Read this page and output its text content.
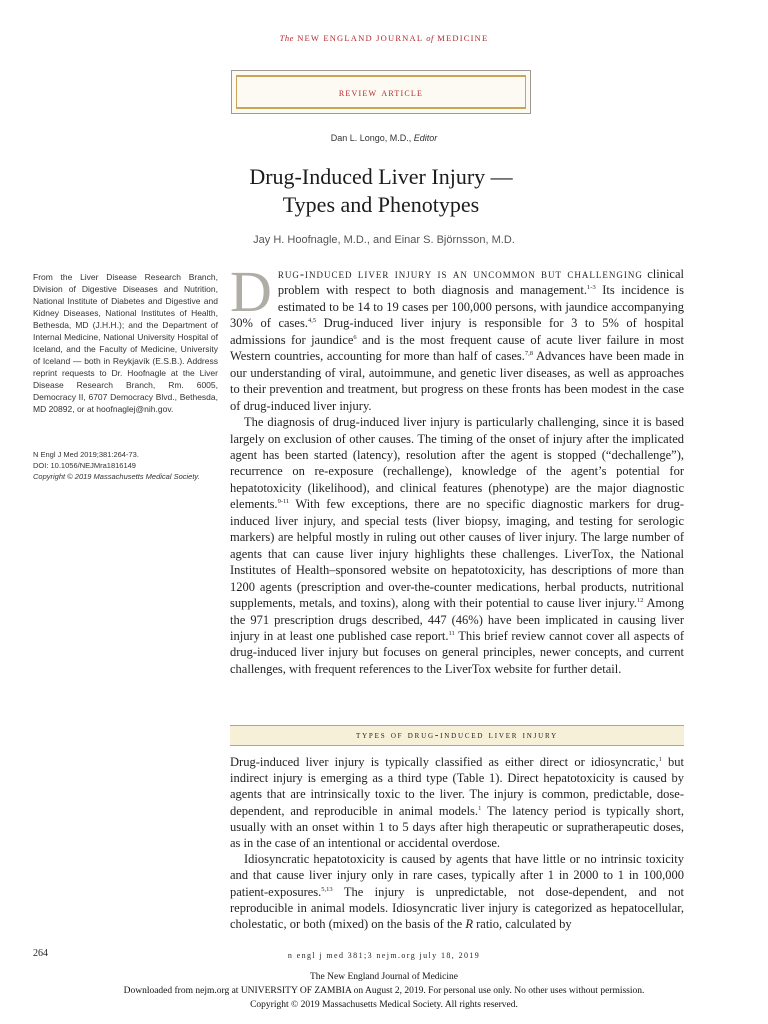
The NEW ENGLAND JOURNAL of MEDICINE
review article
Dan L. Longo, M.D., Editor
Drug-Induced Liver Injury — Types and Phenotypes
Jay H. Hoofnagle, M.D., and Einar S. Björnsson, M.D.
From the Liver Disease Research Branch, Division of Digestive Diseases and Nutrition, National Institute of Diabetes and Digestive and Kidney Diseases, National Institutes of Health, Bethesda, MD (J.H.H.); and the Department of Internal Medicine, National University Hospital of Iceland, and the Faculty of Medicine, University of Iceland — both in Reykjavík (E.S.B.). Address reprint requests to Dr. Hoofnagle at the Liver Disease Research Branch, Rm. 6005, Democracy II, 6707 Democracy Blvd., Bethesda, MD 20892, or at hoofnaglej@nih.gov.
N Engl J Med 2019;381:264-73.
DOI: 10.1056/NEJMra1816149
Copyright © 2019 Massachusetts Medical Society.

Drug-induced liver injury is an uncommon but challenging clinical problem with respect to both diagnosis and management.$^{1-3}$ Its incidence is estimated to be 14 to 19 cases per 100,000 persons, with jaundice accompanying 30% of cases.$^{4,5}$ Drug-induced liver injury is responsible for 3 to 5% of hospital admissions for jaundice$^6$ and is the most frequent cause of acute liver failure in most Western countries, accounting for more than half of cases.$^{7,8}$ Advances have been made in our understanding of viral, autoimmune, and genetic liver diseases, as well as approaches to their prevention and treatment, but progress on these fronts has been modest in the case of drug-induced liver injury.

The diagnosis of drug-induced liver injury is particularly challenging, since it is based largely on exclusion of other causes. The timing of the onset of injury after the implicated agent has been started (latency), resolution after the agent is stopped (“dechallenge”), recurrence on re-exposure (rechallenge), knowledge of the agent’s potential for hepatotoxicity (likelihood), and clinical features (phenotype) are the major diagnostic elements.$^{9-11}$ With few exceptions, there are no specific diagnostic markers for drug-induced liver injury, and special tests (liver biopsy, imaging, and testing for serologic markers) are helpful mostly in ruling out other causes of liver injury. The large number of agents that can cause liver injury highlights these challenges. LiverTox, the National Institutes of Health–sponsored website on hepatotoxicity, has descriptions of more than 1200 agents (prescription and over-the-counter medications, herbal products, nutritional supplements, metals, and toxins), along with their potential to cause liver injury.$^{12}$ Among the 971 prescription drugs described, 447 (46%) have been implicated in causing liver injury in at least one published case report.$^{11}$ This brief review cannot cover all aspects of drug-induced liver injury but focuses on general principles, newer concepts, and current challenges, with frequent references to the LiverTox website for further detail.

types of drug-induced liver injury

Drug-induced liver injury is typically classified as either direct or idiosyncratic,$^1$ but indirect injury is emerging as a third type (Table 1). Direct hepatotoxicity is caused by agents that are intrinsically toxic to the liver. The injury is common, predictable, dose-dependent, and reproducible in animal models.$^1$ The latency period is typically short, usually with an onset within 1 to 5 days after high therapeutic or supratherapeutic doses, as in the case of an intentional or accidental overdose.

Idiosyncratic hepatotoxicity is caused by agents that have little or no intrinsic toxicity and that cause liver injury only in rare cases, typically after 1 in 2000 to 1 in 100,000 patient-exposures.$^{5,13}$ The injury is unpredictable, not dose-dependent, and not reproducible in animal models. Idiosyncratic liver injury is categorized as hepatocellular, cholestatic, or both (mixed) on the basis of the R ratio, calculated by

264	n engl j med 381;3 nejm.org july 18, 2019
The New England Journal of Medicine
Downloaded from nejm.org at UNIVERSITY OF ZAMBIA on August 2, 2019. For personal use only. No other uses without permission.
Copyright © 2019 Massachusetts Medical Society. All rights reserved.
